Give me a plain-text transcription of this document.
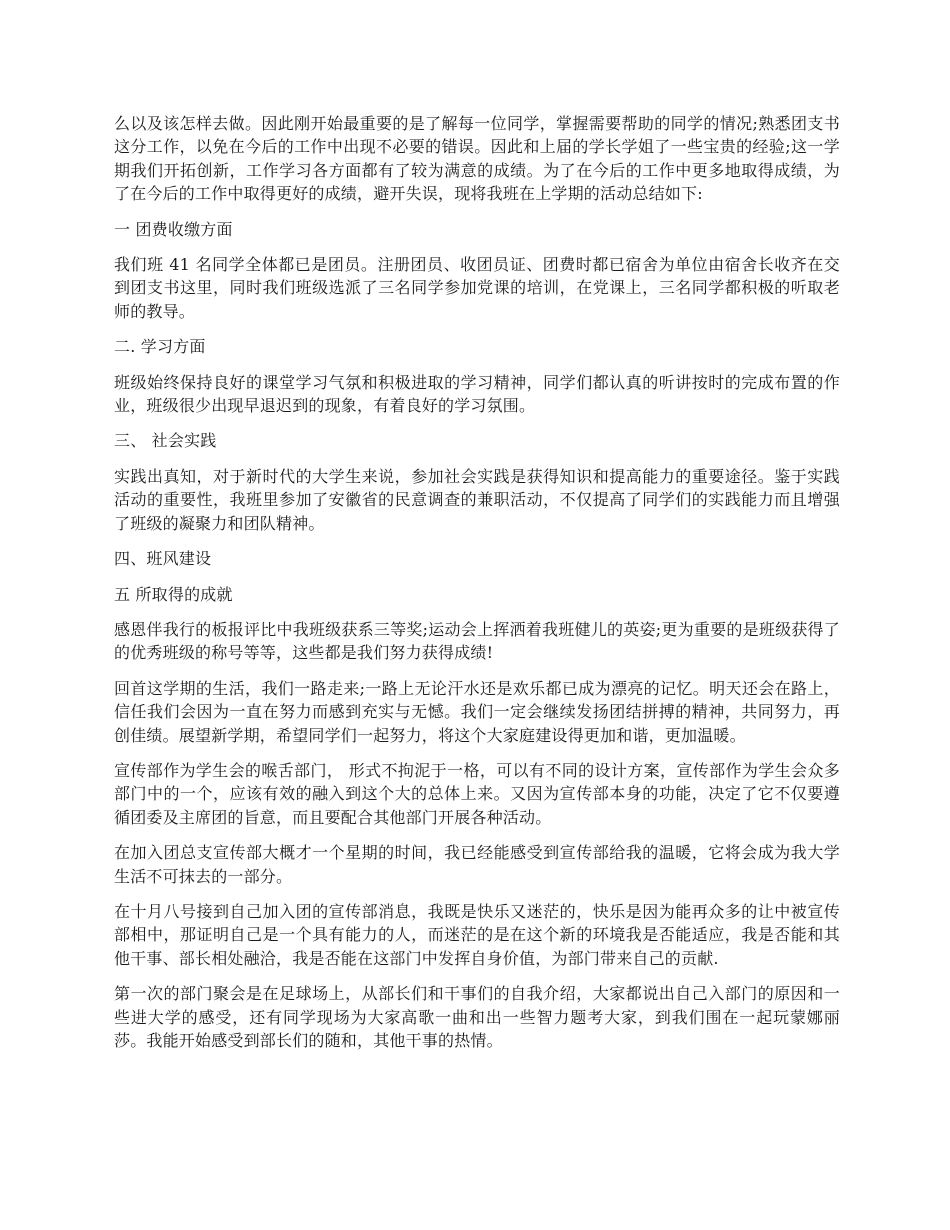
么以及该怎样去做。因此刚开始最重要的是了解每一位同学，掌握需要帮助的同学的情况;熟悉团支书这分工作，以免在今后的工作中出现不必要的错误。因此和上届的学长学姐了一些宝贵的经验;这一学期我们开拓创新，工作学习各方面都有了较为满意的成绩。为了在今后的工作中更多地取得成绩，为了在今后的工作中取得更好的成绩，避开失误，现将我班在上学期的活动总结如下:

一 团费收缴方面

我们班 41 名同学全体都已是团员。注册团员、收团员证、团费时都已宿舍为单位由宿舍长收齐在交到团支书这里，同时我们班级选派了三名同学参加党课的培训，在党课上，三名同学都积极的听取老师的教导。

二. 学习方面

班级始终保持良好的课堂学习气氛和积极进取的学习精神，同学们都认真的听讲按时的完成布置的作业，班级很少出现早退迟到的现象，有着良好的学习氛围。

三、 社会实践

实践出真知，对于新时代的大学生来说，参加社会实践是获得知识和提高能力的重要途径。鉴于实践活动的重要性，我班里参加了安徽省的民意调查的兼职活动，不仅提高了同学们的实践能力而且增强了班级的凝聚力和团队精神。

四、班风建设

五 所取得的成就

感恩伴我行的板报评比中我班级获系三等奖;运动会上挥洒着我班健儿的英姿;更为重要的是班级获得了的优秀班级的称号等等，这些都是我们努力获得成绩!

回首这学期的生活，我们一路走来;一路上无论汗水还是欢乐都已成为漂亮的记忆。明天还会在路上，信任我们会因为一直在努力而感到充实与无憾。我们一定会继续发扬团结拼搏的精神，共同努力，再创佳绩。展望新学期，希望同学们一起努力，将这个大家庭建设得更加和谐，更加温暖。

宣传部作为学生会的喉舌部门， 形式不拘泥于一格，可以有不同的设计方案，宣传部作为学生会众多部门中的一个，应该有效的融入到这个大的总体上来。又因为宣传部本身的功能，决定了它不仅要遵循团委及主席团的旨意，而且要配合其他部门开展各种活动。

在加入团总支宣传部大概才一个星期的时间，我已经能感受到宣传部给我的温暖，它将会成为我大学生活不可抹去的一部分。

在十月八号接到自己加入团的宣传部消息，我既是快乐又迷茫的，快乐是因为能再众多的让中被宣传部相中，那证明自己是一个具有能力的人，而迷茫的是在这个新的环境我是否能适应，我是否能和其他干事、部长相处融洽，我是否能在这部门中发挥自身价值，为部门带来自己的贡献.

第一次的部门聚会是在足球场上，从部长们和干事们的自我介绍，大家都说出自己入部门的原因和一些进大学的感受，还有同学现场为大家高歌一曲和出一些智力题考大家，到我们围在一起玩蒙娜丽莎。我能开始感受到部长们的随和，其他干事的热情。
